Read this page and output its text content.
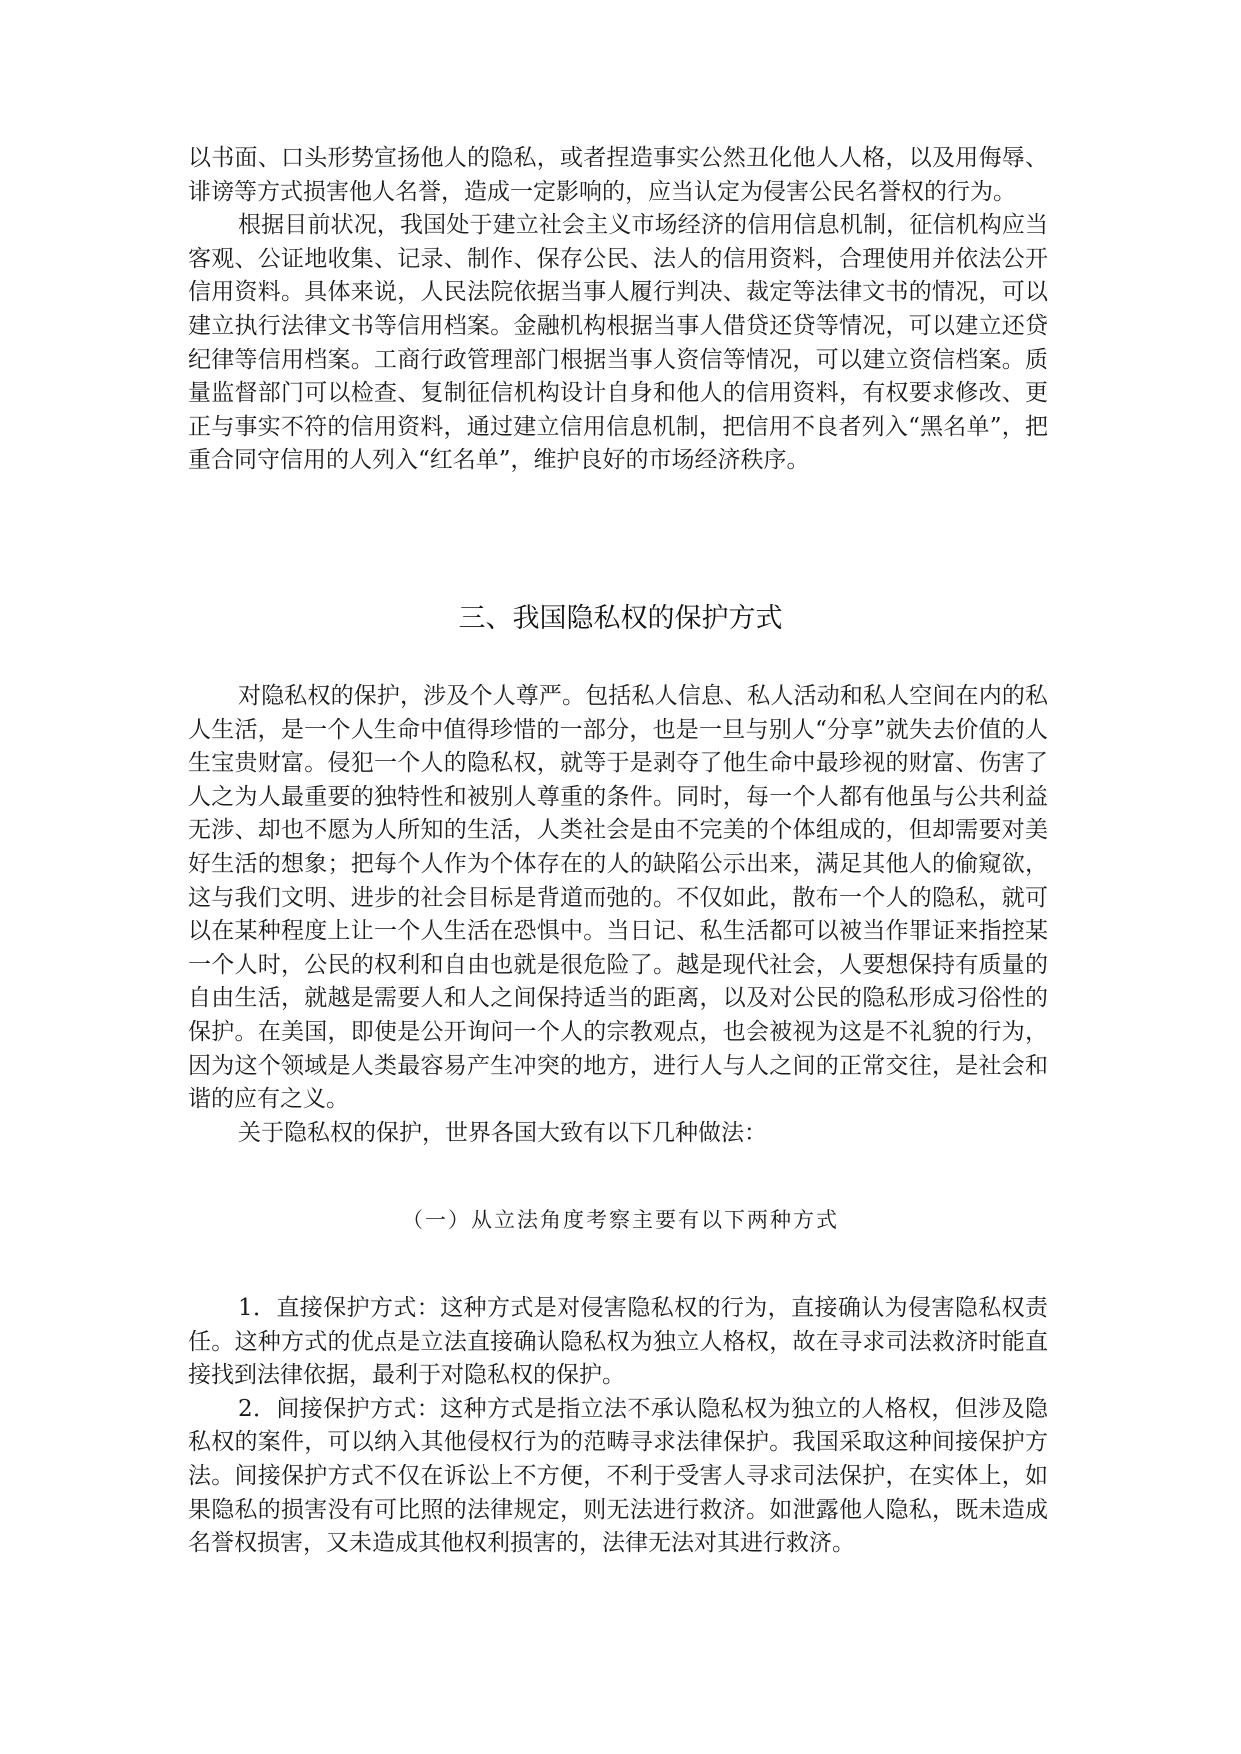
以书面、口头形势宣扬他人的隐私，或者捏造事实公然丑化他人人格，以及用侮辱、诽谤等方式损害他人名誉，造成一定影响的，应当认定为侵害公民名誉权的行为。

根据目前状况，我国处于建立社会主义市场经济的信用信息机制，征信机构应当客观、公证地收集、记录、制作、保存公民、法人的信用资料，合理使用并依法公开信用资料。具体来说，人民法院依据当事人履行判决、裁定等法律文书的情况，可以建立执行法律文书等信用档案。金融机构根据当事人借贷还贷等情况，可以建立还贷纪律等信用档案。工商行政管理部门根据当事人资信等情况，可以建立资信档案。质量监督部门可以检查、复制征信机构设计自身和他人的信用资料，有权要求修改、更正与事实不符的信用资料，通过建立信用信息机制，把信用不良者列入“黑名单”，把重合同守信用的人列入“红名单”，维护良好的市场经济秩序。

三、我国隐私权的保护方式

对隐私权的保护，涉及个人尊严。包括私人信息、私人活动和私人空间在内的私人生活，是一个人生命中值得珍惜的一部分，也是一旦与别人“分享”就失去价值的人生宝贵财富。侵犯一个人的隐私权，就等于是剥夺了他生命中最珍视的财富、伤害了人之为人最重要的独特性和被别人尊重的条件。同时，每一个人都有他虽与公共利益无涉、却也不愿为人所知的生活，人类社会是由不完美的个体组成的，但却需要对美好生活的想象；把每个人作为个体存在的人的缺陷公示出来，满足其他人的偷窥欲，这与我们文明、进步的社会目标是背道而弛的。不仅如此，散布一个人的隐私，就可以在某种程度上让一个人生活在恐惧中。当日记、私生活都可以被当作罪证来指控某一个人时，公民的权利和自由也就是很危险了。越是现代社会，人要想保持有质量的自由生活，就越是需要人和人之间保持适当的距离，以及对公民的隐私形成习俗性的保护。在美国，即使是公开询问一个人的宗教观点，也会被视为这是不礼貌的行为，因为这个领域是人类最容易产生冲突的地方，进行人与人之间的正常交往，是社会和谐的应有之义。

关于隐私权的保护，世界各国大致有以下几种做法：

（一）从立法角度考察主要有以下两种方式

1．直接保护方式：这种方式是对侵害隐私权的行为，直接确认为侵害隐私权责任。这种方式的优点是立法直接确认隐私权为独立人格权，故在寻求司法救济时能直接找到法律依据，最利于对隐私权的保护。

2．间接保护方式：这种方式是指立法不承认隐私权为独立的人格权，但涉及隐私权的案件，可以纳入其他侵权行为的范畴寻求法律保护。我国采取这种间接保护方法。间接保护方式不仅在诉讼上不方便，不利于受害人寻求司法保护，在实体上，如果隐私的损害没有可比照的法律规定，则无法进行救济。如泄露他人隐私，既未造成名誉权损害，又未造成其他权利损害的，法律无法对其进行救济。
